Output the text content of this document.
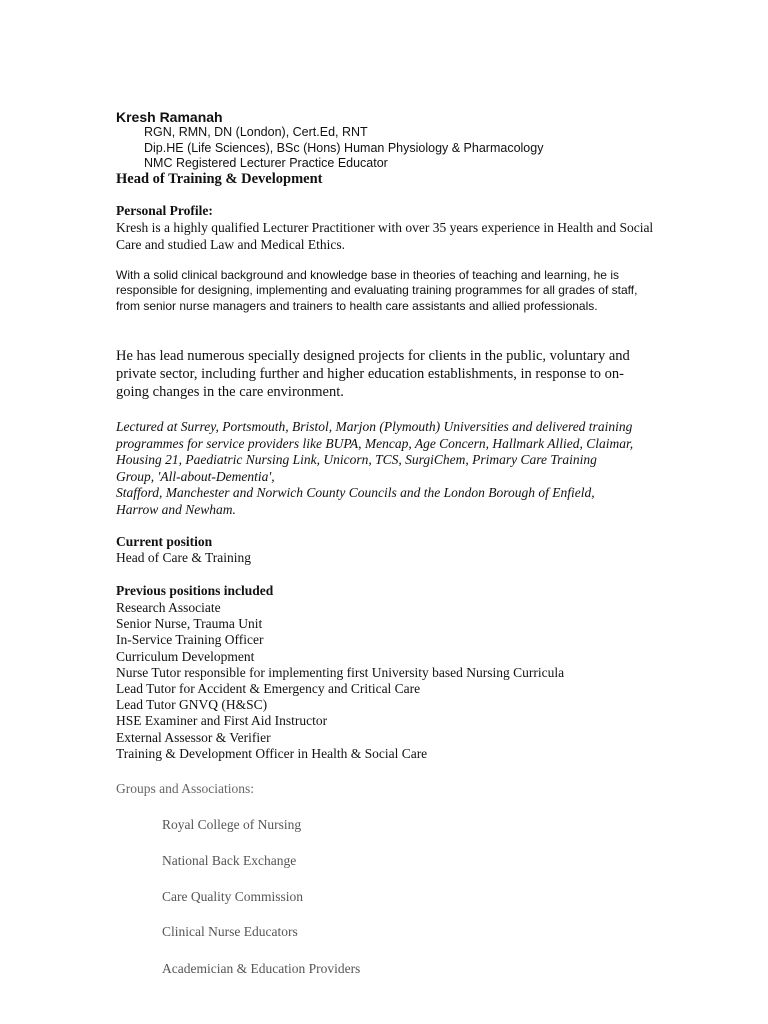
Kresh Ramanah
RGN, RMN, DN (London), Cert.Ed, RNT
Dip.HE (Life Sciences), BSc (Hons) Human Physiology & Pharmacology
NMC Registered Lecturer Practice Educator
Head of Training & Development
Personal Profile:
Kresh is a highly qualified Lecturer Practitioner with over 35 years experience in Health and Social Care and studied Law and Medical Ethics.
With a solid clinical background and knowledge base in theories of teaching and learning, he is responsible for designing, implementing and evaluating training programmes for all grades of staff, from senior nurse managers and trainers to health care assistants and allied professionals.
He has lead numerous specially designed projects for clients in the public, voluntary and private sector, including further and higher education establishments, in response to on-going changes in the care environment.
Lectured at Surrey, Portsmouth, Bristol, Marjon (Plymouth) Universities and delivered training programmes for service providers like BUPA, Mencap, Age Concern, Hallmark Allied, Claimar, Housing 21, Paediatric Nursing Link, Unicorn, TCS, SurgiChem, Primary Care Training Group, 'All-about-Dementia',
Stafford, Manchester and Norwich County Councils and the London Borough of Enfield, Harrow and Newham.
Current position
Head of Care & Training
Previous positions included
Research Associate
Senior Nurse, Trauma Unit
In-Service Training Officer
Curriculum Development
Nurse Tutor responsible for implementing first University based Nursing Curricula
Lead Tutor for Accident & Emergency and Critical Care
Lead Tutor GNVQ (H&SC)
HSE Examiner and First Aid Instructor
External Assessor & Verifier
Training & Development Officer in Health & Social Care
Groups and Associations:
Royal College of Nursing
National Back Exchange
Care Quality Commission
Clinical Nurse Educators
Academician & Education Providers
